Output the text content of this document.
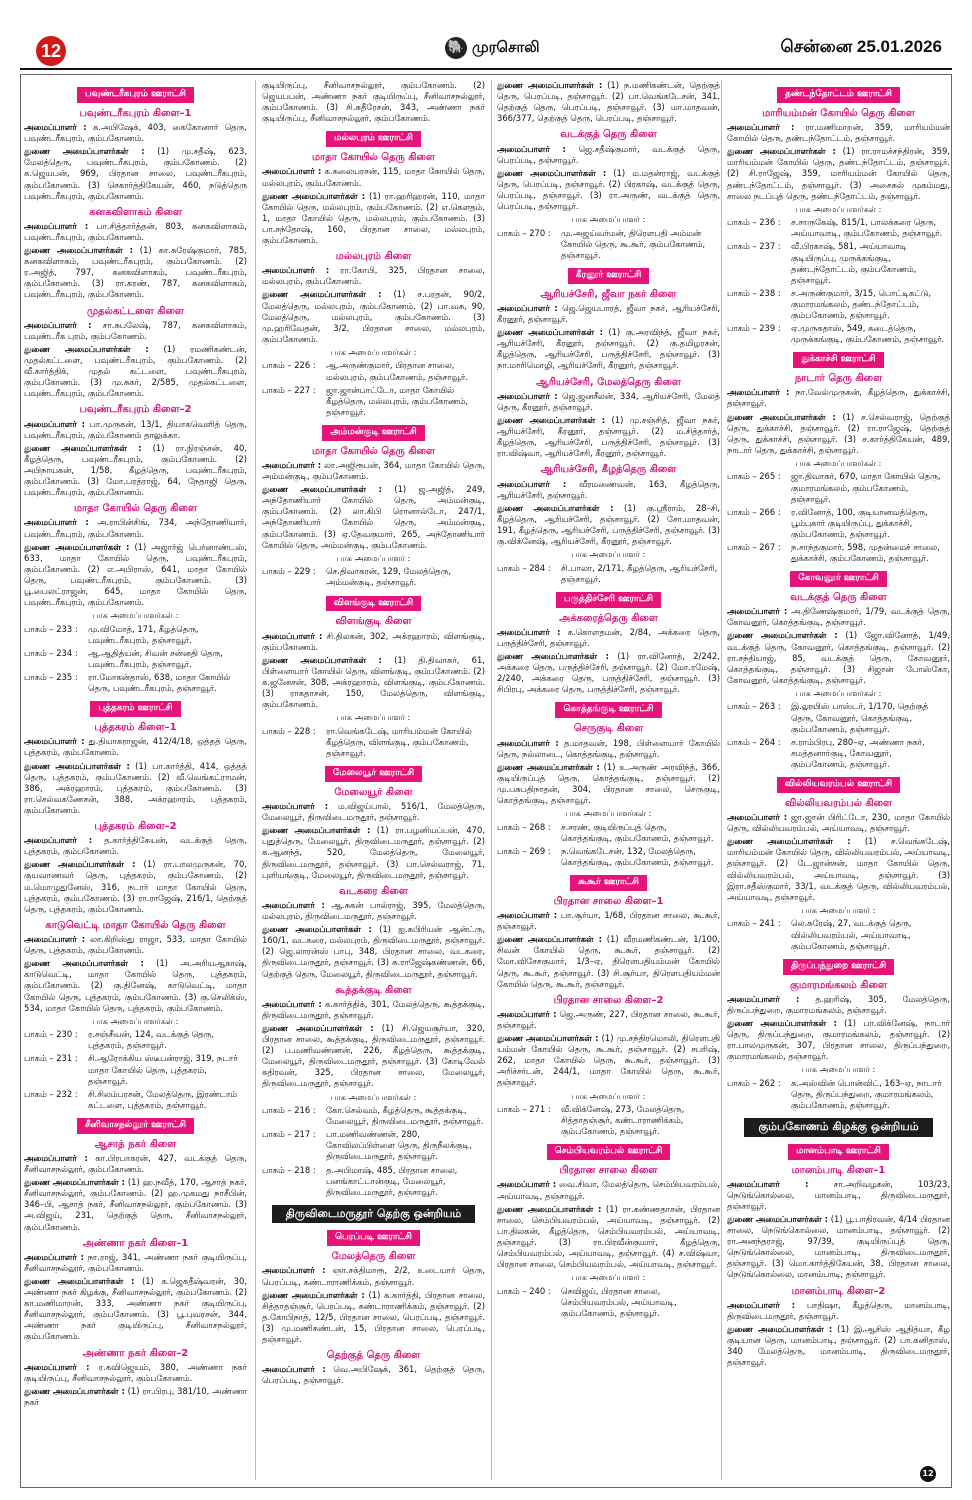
12	🐘 முரசொலி	சென்னை 25.01.2026
பவுண்டரீகபுரம் ஊராட்சி
பவுண்டரீகபுரம் கிளை–1
அமைப்பாளர் : க.அபிஷேக், 403, கைகோனார் தெரு, பவுண்டரீகபுரம், கும்பகோணம்.
துணை அமைப்பாளர்கள் : (1) மு.சதீஷ், 623, மேலத்தெரு, பவுண்டரீகபுரம், கும்பகோணம். (2) க.ஜெயபன், 969, பிரதான சாலை, பவுண்டரீகபுரம், கும்பகோணம். (3) செகார்த்திகேயன், 460, நடுத்தெரு பவுண்டரீகபுரம், கும்பகோணம்.
கனகவிளாகம் கிளை
அமைப்பாளர் : பா.சித்தார்த்தன், 803, கனகவிளாகம், பவுண்டரீகபுரம், கும்பகோணம்.
துணை அமைப்பாளர்கள் : (1) கா.சுரேஷ்குமார், 785, கனகவிளாகம், பவுண்டரீகபுரம், கும்பகோணம். (2) ர.அஜித், 797, கனகவிளாகம், பவுண்டரீகபுரம், கும்பகோணம். (3) ரா.கரண், 787, கனகவிளாகம், பவுண்டரீகபுரம், கும்பகோணம்.
முதல்கட்டளை கிளை
அமைப்பாளர் : சா.சுபலேஷ், 787, கனகவிளாகம், பவுண்டரீக புரம், கும்பகோணம்.
துணை அமைப்பாளர்கள் : (1) ரமணிகண்டன், முதல்கட்டளை, பவுண்டரீகபுரம், கும்பகோணம். (2) வீ.கார்த்திக், முதல் கட்டளை, பவுண்டரீகபுரம், கும்பகோணம். (3) மு.சுகர், 2/585, முதல்கட்டளை, பவுண்டரீகபுரம், கும்பகோணம்.
பவுண்டரீகபுரம் கிளை–2
அமைப்பாளர் : பா.முருகன், 13/1, தியாகவெளித் தெரு, பவுண்டரீகபுரம், கும்பகோணம் தாலுக்கா.
துணை அமைப்பாளர்கள் : (1) ரா.நிரஞ்சன், 40, கீழத்தெரு, பவுண்டரீகபுரம், கும்பகோணம். (2) அபிநாயகன், 1/58, கீழத்தெரு, பவுண்டரீகபுரம், கும்பகோணம். (3) மோ.பரத்ராஜ், 64, நேதாஜி தெரு, பவுண்டரீகபுரம், கும்பகோணம்.
மாதா கோயில் தெரு கிளை
அமைப்பாளர் : அ.ராபின்சிங், 734, அந்தோணியார், பவுண்டரீகபுரம், கும்பகோணம்.
துணை அமைப்பாளர்கள் : (1) அஜார்ஜ் பெர்னாண்டஸ், 633, மாதா கோயில் தெரு, பவுண்டரீகபுரம், கும்பகோணம். (2) எ.அபிராஸ், 641, மாதா கோயில் தெரு, பவுண்டரீகபுரம், கும்பகோணம். (3) பூ.பைலட்ராஜன், 645, மாதா கோயில் தெரு, பவுண்டரீகபுரம், கும்பகோணம்.
பாக அமைப்பாளர்கள் :
பாகம் – 233 : மு.விமோத், 171, கீழத்தெரு, பவுண்டரீகபுரம், தஞ்சாவூர்.
பாகம் – 234 : ஆ.ஆதித்யன், சிவன் சன்னதி தெரு, பவுண்டரீகபுரம், தஞ்சாவூர்.
பாகம் – 235 : ரா.மோகன்தாஸ், 638, மாதா கோயில் தெரு, பவுண்டரீகபுரம், தஞ்சாவூர்.
புத்தகரம் ஊராட்சி
புத்தகரம் கிளை–1
அமைப்பாளர் : து.தியாகராஜன், 412/4/18, ஒத்தத் தெரு, புத்தகரம், கும்பகோணம்.
துணை அமைப்பாளர்கள் : (1) பா.கார்த்தி, 414, ஒத்தத் தெரு, புத்தகரம், கும்பகோணம். (2) வீ.வெங்கட்ராமன், 386, அக்ரஹாரம், புத்தகரம், கும்பகோணம். (3) ரா.செல்வகணேசன், 388, அக்ரஹாரம், புத்தகரம், கும்பகோணம்.
புத்தகரம் கிளை–2
அமைப்பாளர் : த.கார்த்திகேயன், வடக்குத் தெரு, புத்தகரம், கும்பகோணம்.
துணை அமைப்பாளர்கள் : (1) ரா.பாலமுருகன், 70, குயவாணவர் தெரு, புத்தகரம், கும்பகோணம். (2) ம.மொழுதுனேஸ், 316, நடார் மாதா கோயில் தெரு, புத்தகரம், கும்பகோணம். (3) ரா.ராஜேஷ், 216/1, தெற்குத் தெரு, புத்தகரம், கும்பகோணம்.
காடுவெட்டி மாதா கோயில் தெரு கிளை
அமைப்பாளர் : லா.கிறிஸ்து ராஜா, 533, மாதா கோயில் தெரு, புத்தகரம், கும்பகோணம்.
துணை அமைப்பாளர்கள் : (1) அ.அரியஆகாஷ், காடுவெட்டி, மாதா கோயில் தெரு, புத்தகரம், கும்பகோணம். (2) கு.தினேஷ், காடுவெட்டி, மாதா கோயில் தெரு, புத்தகரம், கும்பகோணம். (3) கு.செலிக்ஸ், 534, மாதா கோயில் தெரு, புத்தகரம், கும்பகோணம்.
பாக அமைப்பாளர்கள் :
பாகம் – 230 : ர.சஞ்சீவன், 124, வடக்குத் தெரு, புத்தகரம், தஞ்சாவூர்.
பாகம் – 231 : சி.ஆரோக்கிய ஸ்டீபன்ராஜ், 319, நடார் மாதா கோயில் தெரு, புத்தகரம், தஞ்சாவூர்.
பாகம் – 232 : சி.சிலம்பரசன், மேலத்தெரு, இரண்டாம் கட்டளை, புத்தகரம், தஞ்சாவூர்.
சீனிவாசநல்லூர் ஊராட்சி
ஆசாத் நகர் கிளை
அமைப்பாளர் : கா.பிரபாகரன், 427, வடக்குத் தெரு, சீனிவாசநல்லூர், கும்பகோணம்.
துணை அமைப்பாளர்கள் : (1) ஹ.நவீத், 170, ஆசாத் நகர், சீனிவாசநல்லூர், கும்பகோணம். (2) ஹ.முகமது நாசீபின், 346–பி, ஆசாத் நகர், சீனிவாசநல்லூர், கும்பகோணம். (3) அ.விஜய், 231, தெற்குத் தெரு, சீனிவாசநல்லூர், கும்பகோணம்.
அண்ணா நகர் கிளை–1
அமைப்பாளர் : நா.ராஜ், 341, அண்ணா நகர் குடியிருப்பு, சீனிவாசநல்லூர், கும்பகோணம்.
துணை அமைப்பாளர்கள் : (1) க.ஜெகதீஷ்வரன், 30, அண்ணா நகர் கிழக்கு, சீனிவாசநல்லூர், கும்பகோணம். (2) கா.மணிமாறன், 333, அண்ணா நகர் குடியிருப்பு, சீனிவாசநல்லூர், கும்பகோணம். (3) பூ.புவரசன், 344, அண்ணா நகர் குடியிருப்பு, சீனிவாசநல்லூர், கும்பகோணம்.
அண்ணா நகர் கிளை–2
அமைப்பாளர் : ர.கவிஜெயம், 380, அண்ணா நகர் குடியிருப்பு, சீனிவாசநல்லூர், கும்பகோணம்.
துணை அமைப்பாளர்கள் : (1) ரா.பிரபு, 381/10, அண்ணா நகர்
குடியிருப்பு, சீனிவாசநல்லூர், கும்பகோணம். (2) ஜெயபபன், அண்ணா நகர் குடியிருப்பு, சீனிவாசநல்லூர், கும்பகோணம். (3) சி.சுதீரேசன், 343, அண்ணா நகர் குடியிருப்பு, சீனிவாசநல்லூர், கும்பகோணம்.
மல்லபுரம் ஊராட்சி
மாதா கோயில் தெரு கிளை
அமைப்பாளர் : க.கலையரசன், 115, மாதா கோயில் தெரு, மல்லபுரம், கும்பகோணம்.
துணை அமைப்பாளர்கள் : (1) ரா.ஹரிஹரன், 110, மாதா கோயில் தெரு, மல்லபுரம், கும்பகோணம். (2) எ.கௌதம், 1, மாதா கோயில் தெரு, மல்லபுரம், கும்பகோணம். (3) பா.சந்தோஷ், 160, பிரதான சாலை, மல்லபுரம், கும்பகோணம்.
மல்லபுரம் கிளை
அமைப்பாளர் : ரா.கோபி, 325, பிரதான சாலை, மல்லபுரம், கும்பகோணம்.
துணை அமைப்பாளர்கள் : (1) ச.பரதன், 90/2, மேலத்தெரு, மல்லபுரம், கும்பகோணம். (2) பா.வசு, 90, மேலத்தெரு, மல்லபுரம், கும்பகோணம். (3) மு.ஹரிவேதன், 3/2, பிரதான சாலை, மல்லபுரம், கும்பகோணம்.
பாக அமைப்பாளர்கள் :
பாகம் – 226 : ஆ.அருண்குமார், பிரதான சாலை, மல்லபுரம், கும்பகோணம், தஞ்சாவூர்.
பாகம் – 227 : ஜா.ஜான்பாட்டோ, மாதா கோயில் கீழத்தெரு, மல்லபுரம், கும்பகோணம், தஞ்சாவூர்.
அம்மன்குடி ஊராட்சி
மாதா கோயில் தெரு கிளை
அமைப்பாளர் : லா.அஜிரூபன், 364, மாதா கோயில் தெரு, அம்மன்குடி, கும்பகோணம்.
துணை அமைப்பாளர்கள் : (1) ஜ.அஜித், 249, அந்தோணியார் கோயில் தெரு, அம்மன்குடி, கும்பகோணம். (2) லா.கிபி ரொனால்டோ, 247/1, அந்தோணியார் கோயில் தெரு, அம்மன்குடி, கும்பகோணம். (3) ஏ.தேவகுமார், 265, அந்தோணியார் கோயில் தெரு, அம்மன்குடி, கும்பகோணம்.
பாக அமைப்பாளர் :
பாகம் – 229 : செ.திவாகரன், 129, மேலத்தெரு, அம்மன்குடி, தஞ்சாவூர்.
விளங்குடி ஊராட்சி
விளங்குடி கிளை
அமைப்பாளர் : சி.திலகன், 302, அக்ரஹாரம், விளங்குடி, கும்பகோணம்.
துணை அமைப்பாளர்கள் : (1) தி.திவாகர், 61, பிள்ளையார் கோயில் தெரு, விளங்குடி, கும்பகோணம். (2) க.ஜனேசன், 308, அக்ரஹாரம், விளங்குடி, கும்பகோணம். (3) ராகதாசன், 150, மேலத்தெரு, விளங்குடி, கும்பகோணம்.
பாக அமைப்பாளர் :
பாகம் – 228 : ரா.வெங்கடேஷ், மாரியம்மன் கோயில் கீழத்தெரு, விளங்குடி, கும்பகோணம், தஞ்சாவூர்.
மேலையூர் ஊராட்சி
மேலையூர் கிளை
அமைப்பாளர் : ம.விஜய்பால், 516/1, மேலத்தெரு, மேலையூர், திருவிடைமருதூர், தஞ்சாவூர்.
துணை அமைப்பாளர்கள் : (1) ரா.பழனியப்பன், 470, புதுத்தெரு, மேலையூர், திருவிடைமருதூர், தஞ்சாவூர். (2) க.ஆனந்த், 520, மேலத்தெரு, மேலையூர், திருவிடைமருதூர், தஞ்சாவூர். (3) பா.செல்வராஜ், 71, புளியங்குடி, மேலையூர், திருவிடைமருதூர், தஞ்சாவூர்.
வடகரை கிளை
அமைப்பாளர் : ஆ.சுகன் பால்ராஜ், 395, மேலத்தெரு, மல்லபுரம், திருவிடைமருதூர், தஞ்சாவூர்.
துணை அமைப்பாளர்கள் : (1) ஐ.சுபிரியன் ஆன்ட்ரு, 160/1, வடகரை, மல்லபுரம், திருவிடைமருதூர், தஞ்சாவூர். (2) ஜெ.லாரன்ஸ் பாபு, 348, பிரதான சாலை, வடகரை, திருவிடைமருதூர், தஞ்சாவூர். (3) சு.ராஜேஷ்கண்ணன், 66, தெற்குத் தெரு, மேலையூர், திருவிடைமருதூர், தஞ்சாவூர்.
கூத்தக்குடி கிளை
அமைப்பாளர் : க.கார்த்திக், 301, மேலத்தெரு, கூத்தக்குடி, திருவிடைமருதூர், தஞ்சாவூர்.
துணை அமைப்பாளர்கள் : (1) சி.ஜெயசூர்யா, 320, பிரதான சாலை, கூத்தக்குடி, திருவிடைமருதூர், தஞ்சாவூர். (2) ப.மணிவண்ணன், 226, கீழத்தெரு, கூத்தக்குடி, மேலையூர், திருவிடைமருதூர், தஞ்சாவூர். (3) கோடிவேல் கதிரவன், 325, பிரதான சாலை, மேலையூர், திருவிடைமருதூர், தஞ்சாவூர்.
பாக அமைப்பாளர்கள் :
பாகம் – 216 : கோ.செல்வம், கீழத்தெரு, கூத்தக்குடி, மேலையூர், திருவிடைமருதூர், தஞ்சாவூர்.
பாகம் – 217 : பா.மணிவண்ணன், 280, கோவிலப்பிள்ளை தெரு, திருநீலக்குடி, திருவிடைமருதூர், தஞ்சாவூர்.
பாகம் – 218 : த.அபிமாஷ், 485, பிரதான சாலை, பனங்காட்டான்குடி, மேலையூர், திருவிடைமருதூர், தஞ்சாவூர்.
திருவிடைமருதூர் தெற்கு ஒன்றியம்
பெரப்படி ஊராட்சி
மேலத்தெரு கிளை
அமைப்பாளர் : ஞா.சக்திமாரூ, 2/2, உடையார் தெரு, பெரப்படி, கண்டாராணிக்கம், தஞ்சாவூர்.
துணை அமைப்பாளர்கள் : (1) க.கார்த்தி, பிரதான சாலை, சித்தாதஞ்சூர், பெரப்படி, கண்டாராணிக்கம், தஞ்சாவூர். (2) த.கோபிநாத், 12/5, பிரதான சாலை, பெரப்படி, தஞ்சாவூர். (3) மு.மணிகண்டன், 15, பிரதான சாலை, பெரப்படி, தஞ்சாவூர்.
தெற்குத் தெரு கிளை
அமைப்பாளர் : வெ.அபிஷேக், 361, தெற்குத் தெரு, பெரப்படி, தஞ்சாவூர்.
துணை அமைப்பாளர்கள் : (1) ந.மணிகண்டன், தெற்குத் தெரு, பெரப்படி, தஞ்சாவூர். (2) பா.வெங்கடேசன், 341, தெற்குத் தெரு, பெரப்படி, தஞ்சாவூர். (3) மா.மாதவன், 366/377, தெற்குத் தெரு, பெரப்படி, தஞ்சாவூர்.
வடக்குத் தெரு கிளை
அமைப்பாளர் : ஜெ.சதீஷ்குமார், வடக்குத் தெரு, பெரப்படி, தஞ்சாவூர்.
துணை அமைப்பாளர்கள் : (1) ம.மதன்ராஜ், வடக்குத் தெரு, பெரப்படி, தஞ்சாவூர். (2) பிரகாஷ், வடக்குத் தெரு, பெரப்படி, தஞ்சாவூர். (3) ரா.அருண், வடக்குத் தெரு, பெரப்படி, தஞ்சாவூர்.
பாக அமைப்பாளர் :
பாகம் – 270 : மு.அஜய்வர்மன், திரௌபதி அம்மன் கோயில் தெரு, கூ.கூர், கும்பகோணம், தஞ்சாவூர்.
கீரனூர் ஊராட்சி
ஆரியச்சேரி, ஜீவா நகர் கிளை
அமைப்பாளர் : ஜெ.ஜெயபாரத், ஜீவா நகர், ஆரியச்சேரி, கீரனூர், தஞ்சாவூர்.
துணை அமைப்பாளர்கள் : (1) கு.அரவிந்த், ஜீவா நகர், ஆரியச்சேரி, கீரனூர், தஞ்சாவூர். (2) கு.தமிழரசன், கீழத்தெரு, ஆரியச்சேரி, பருத்திச்சேரி, தஞ்சாவூர். (3) நா.மாரிமொழி, ஆரியச்சேரி, கீரனூர், தஞ்சாவூர்.
ஆரியச்சேரி, மேலத்தெரு கிளை
அமைப்பாளர் : ஜெ.ஜனசீலன், 334, ஆரியச்சேரி, மேலத் தெரு, கீரனூர், தஞ்சாவூர்.
துணை அமைப்பாளர்கள் : (1) மு.சஞ்சித், ஜீவா நகர், ஆரியச்சேரி, கீரனூர், தஞ்சாவூர். (2) ம.சித்தார்த், கீழத்தெரு, ஆரியச்சேரி, பருத்திச்சேரி, தஞ்சாவூர். (3) ரா.விஷ்வா, ஆரியச்சேரி, கீரனூர், தஞ்சாவூர்.
ஆரியச்சேரி, கீழத்தெரு கிளை
அமைப்பாளர் : வீரமணைவன், 163, கீழத்தெரு, ஆரியச்சேரி, தஞ்சாவூர்.
துணை அமைப்பாளர்கள் : (1) கு.ஸ்ரீராம், 28–சி, கீழத்தெரு, ஆரியச்சேரி, தஞ்சாவூர். (2) சோ.மாதவன், 191, கீழத்தெரு, ஆரியச்சேரி, பருத்திச்சேரி, தஞ்சாவூர். (3) கு.விக்னேஷ், ஆரியச்சேரி, கீரனூர், தஞ்சாவூர்.
பாக அமைப்பாளர் :
பாகம் – 284 : சி.பாலா, 2/171, கீழத்தெரு, ஆரியச்சேரி, தஞ்சாவூர்.
பருத்திச்சேரி ஊராட்சி
அக்கரைத்தெரு கிளை
அமைப்பாளர் : க.கொளதமன், 2/84, அக்கரை தெரு, பருத்திச்சேரி, தஞ்சாவூர்.
துணை அமைப்பாளர்கள் : (1) ரா.வினோத், 2/242, அக்கரை தெரு, பருத்திச்சேரி, தஞ்சாவூர். (2) மோ.ரமேஷ், 2/240, அக்கரை தெரு, பருத்திச்சேரி, தஞ்சாவூர். (3) சிபிரபு, அக்கரை தெரு, பருத்திச்சேரி, தஞ்சாவூர்.
கொத்தங்குடி ஊராட்சி
செருகுடி கிளை
அமைப்பாளர் : த.மாதவன், 198, பிள்ளையார் கோயில் தெரு, நல்லாடை, கொத்தங்குடி, தஞ்சாவூர்.
துணை அமைப்பாளர்கள் : (1) உ.அருண் அரவிந்த், 366, குடியிருப்புத் தெரு, கொத்தங்குடி, தஞ்சாவூர். (2) மு.பசுபதிநாதன், 304, பிரதான சாலை, செருகுடி, கொத்தங்குடி, தஞ்சாவூர்.
பாக அமைப்பாளர்கள் :
பாகம் – 268 : ச.சரண், குடியிருப்புத் தெரு, கொத்தங்குடி, கும்பகோணம், தஞ்சாவூர்.
பாகம் – 269 : ந.வெங்கடேசன், 132, மேலத்தெரு, கொத்தங்குடி, கும்பகோணம், தஞ்சாவூர்.
கூகூர் ஊராட்சி
பிரதான சாலை கிளை–1
அமைப்பாளர் : பா.சூர்யா, 1/68, பிரதான சாலை, கூ.கூர், தஞ்சாவூர்.
துணை அமைப்பாளர்கள் : (1) வீரமணிகண்டன், 1/100, சிவன் கோயில் தெரு, கூ.கூர், தஞ்சாவூர். (2) மோ.விசேசகுமார், 1/3–ஏ, திரௌபதியம்மன் கோயில் தெரு, கூ.கூர், தஞ்சாவூர். (3) சி.சூர்யா, திரௌபதியம்மன் கோயில் தெரு, கூ.கூர், தஞ்சாவூர்.
பிரதான சாலை கிளை–2
அமைப்பாளர் : ஜெ.அருண், 227, பிரதான சாலை, கூ.கூர், தஞ்சாவூர்.
துணை அமைப்பாளர்கள் : (1) மு.சந்திரமொலி, திரௌபதி யம்மன் கோயில் தெரு, கூ.கூர், தஞ்சாவூர். (2) சபரிஷ், 262, மாதா கோயில் தெரு, கூ.கூர், தஞ்சாவூர். (3) அரிச்சர்டன், 244/1, மாதா கோயில் தெரு, கூ.கூர், தஞ்சாவூர்.
பாக அமைப்பாளர் :
பாகம் – 271 : வீ.விக்னேஷ், 273, மேலத்தெரு, சித்தாதஞ்சூர், கண்டாராணிக்கம், கும்பகோணம், தஞ்சாவூர்.
செம்பியவரம்பல் ஊராட்சி
பிரதான சாலை கிளை
அமைப்பாளர் : வை.சிவா, மேலத்தெரு, செம்பியவரம்பல், அய்யாவடி, தஞ்சாவூர்.
துணை அமைப்பாளர்கள் : (1) ரா.கண்ணதாசன், பிரதான சாலை, செம்பியவரம்பல், அய்யாவடி, தஞ்சாவூர். (2) பா.திலகன், கீழத்தெரு, செம்பியவரம்பல், அய்யாவடி, தஞ்சாவூர். (3) ரா.பிரவீன்குமார், கீழத்தெரு, செம்பியவரம்பல், அய்யாவடி, தஞ்சாவூர். (4) ச.விஷ்வா, பிரதான சாலை, செம்பியவரம்பல், அய்யாவடி, தஞ்சாவூர்.
பாக அமைப்பாளர் :
பாகம் – 240 : செவிஜய், பிரதான சாலை, செம்பியவரம்பல், அய்யாவடி, கும்பகோணம், தஞ்சாவூர்.
தண்டந்தோட்டம் ஊராட்சி
மாரியம்மன் கோயில் தெரு கிளை
அமைப்பாளர் : ரா.மணிமாறன், 359, மாரியம்மன் கோயில் தெரு, தண்டந்தோட்டம், தஞ்சாவூர்.
துணை அமைப்பாளர்கள் : (1) ரா.ராமச்சந்திரன், 359, மாரியம்மன் கோயில் தெரு, தண்டந்தோட்டம், தஞ்சாவூர். (2) சி.ராஜேஷ், 359, மாரியம்மன் கோயில் தெரு, தண்டந்தோட்டம், தஞ்சாவூர். (3) அசைசுல் முகம்மது, சாலை நடப்புத் தெரு, தண்டந்தோட்டம், தஞ்சாவூர்.
பாக அமைப்பாளர்கள் :
பாகம் – 236 : ச.சாருகேஷ், 815/1, பாலக்கரை தெரு, அய்யாவாடி, கும்பகோணம், தஞ்சாவூர்.
பாகம் – 237 : வீ.பிரகாஷ், 581, அய்யாவாடி குடியிருப்பு, முருக்கங்குடி, தண்டந்தோட்டம், கும்பகோணம், தஞ்சாவூர்.
பாகம் – 238 : ச.அருண்குமார், 3/15, பொட்டிகட்டு, குமாரமங்கலம், தண்டந்தோட்டம், கும்பகோணம், தஞ்சாவூர்.
பாகம் – 239 : ஏ.முருகதாஸ், 549, கடைத்தெரு, முருக்கங்குடி, கும்பகோணம், தஞ்சாவூர்.
துக்காச்சி ஊராட்சி
நாடார் தெரு கிளை
அமைப்பாளர் : நா.வேல்முருகன், கீழத்தெரு, துக்காச்சி, தஞ்சாவூர்.
துணை அமைப்பாளர்கள் : (1) ச.செல்வராஜ், தெற்குத் தெரு, துக்காச்சி, தஞ்சாவூர். (2) ரா.ராஜேஷ், தெற்குத் தெரு, துக்காச்சி, தஞ்சாவூர். (3) ச.கார்த்திகேயன், 489, நாடார் தெரு, துக்காச்சி, தஞ்சாவூர்.
பாக அமைப்பாளர்கள் :
பாகம் – 265 : ஜா.திவாகர், 670, மாதா கோயில் தெரு, குமாரமங்கலம், கும்பகோணம், தஞ்சாவூர்.
பாகம் – 266 : ர.வினோத், 100, குடியானவத்தெரு, பூம்புகார் குடியிருப்பு, துக்காச்சி, கும்பகோணம், தஞ்சாவூர்.
பாகம் – 267 : ந.சாந்தகுமார், 598, முதன்மைச் சாலை, துக்காச்சி, கும்பகோணம், தஞ்சாவூர்.
கோவனூர் ஊராட்சி
வடக்குத் தெரு கிளை
அமைப்பாளர் : அ.திணேஷ்குமார், 1/79, வடக்குத் தெரு, கோவனூர், கொத்தங்குடி, தஞ்சாவூர்.
துணை அமைப்பாளர்கள் : (1) ஜோ.வினோத், 1/49, வடக்குத் தெரு, கோவனூர், கொத்தங்குடி, தஞ்சாவூர். (2) ரா.சந்தியாஜ், 85, வடக்குத் தெரு, கோவனூர், கொத்தங்குடி, தஞ்சாவூர். (3) சிஜான் போஸ்கோ, கோவனூர், கொத்தங்குடி, தஞ்சாவூர்.
பாக அமைப்பாளர்கள் :
பாகம் – 263 : இ.லூயிஸ் பாஸ்டர், 1/170, தெற்குத் தெரு, கோவனூர், கொத்தங்குடி, கும்பகோணம், தஞ்சாவூர்.
பாகம் – 264 : ச.ராம்பிரபு, 280–ஏ, அண்ணா நகர், சமத்தனார்குடி, கோவனூர், கும்பகோணம், தஞ்சாவூர்.
வில்லியவரம்பல் ஊராட்சி
வில்லியவரம்பல் கிளை
அமைப்பாளர் : ஜா.ஜான் பிரிட்டோ, 230, மாதா கோயில் தெரு, வில்லியவரம்பல், அய்யாவடி, தஞ்சாவூர்.
துணை அமைப்பாளர்கள் : (1) ச.வெங்கடேஷ், மாரியம்மன் கோயில் தெரு, வில்லியவரம்பல், அய்யாவடி, தஞ்சாவூர். (2) டே.ஜான்சன், மாதா கோயில் தெரு, வில்லியவரம்பல், அய்யாவடி, தஞ்சாவூர். (3) இரா.சதீஸ்குமார், 33/1, வடக்குத் தெரு, வில்லியவரம்பல், அய்யாவடி, தஞ்சாவூர்.
பாக அமைப்பாளர் :
பாகம் – 241 : லெ.சுரேஷ், 27, வடக்குத் தெரு, வில்லியவரம்பல், அய்யாவாடி, கும்பகோணம், தஞ்சாவூர்.
திருப்பந்துறை ஊராட்சி
குமாரமங்கலம் கிளை
அமைப்பாளர் : த.ஹரிஷ், 305, மேலத்தெரு, திருப்பந்துறை, குமாரமங்கலம், தஞ்சாவூர்.
துணை அமைப்பாளர்கள் : (1) பா.விக்னேஷ், நாடார் தெரு, திருப்பந்துறை, குமாரமங்கலம், தஞ்சாவூர். (2) ரா.பாலமுருகன், 307, பிரதான சாலை, திருப்பந்துறை, குமாரமங்கலம், தஞ்சாவூர்.
பாக அமைப்பாளர் :
பாகம் – 262 : க.அஸ்வின் பொன்விட், 163–ஏ, நாடார் தெரு, திருப்பந்துறை, குமாரமங்கலம், கும்பகோணம், தஞ்சாவூர்.
கும்பகோணம் கிழக்கு ஒன்றியம்
மானம்பாடி ஊராட்சி
மானம்பாடி கிளை–1
அமைப்பாளர் :	சா.அறிவழகன், 103/23, நெடுங்கொல்லை, மானம்பாடி, திருவிடைமருதூர், தஞ்சாவூர்.
துணை அமைப்பாளர்கள் : (1) பூ.பாதிரவன், 4/14 பிரதான சாலை, நெடுங்கொல்லை, மானம்பாடி, தஞ்சாவூர். (2) ரா.அனந்தராஜ், 97/39, குடியிருப்புத் தெரு, நெடுங்கொல்லை, மானம்பாடி, திருவிடைமருதூர், தஞ்சாவூர். (3) மொ.கார்த்திகேயன், 38, பிரதான சாலை, நெடுங்கொல்லை, மானம்பாடி, தஞ்சாவூர்.
மானம்பாடி கிளை–2
அமைப்பாளர் : பாதிஷா, கீழத்தெரு, மானம்பாடி, திருவிடைமருதூர், தஞ்சாவூர்.
துணை அமைப்பாளர்கள் : (1) இ.ஆசிஸ் ஆதித்யா, கீழ குடியான தெரு, மானம்பாடி, தஞ்சாவூர். (2) பா.கனிதாஸ், 340 மேலத்தெரு, மானம்பாடி, திருவிடைமருதூர், தஞ்சாவூர்.
12
